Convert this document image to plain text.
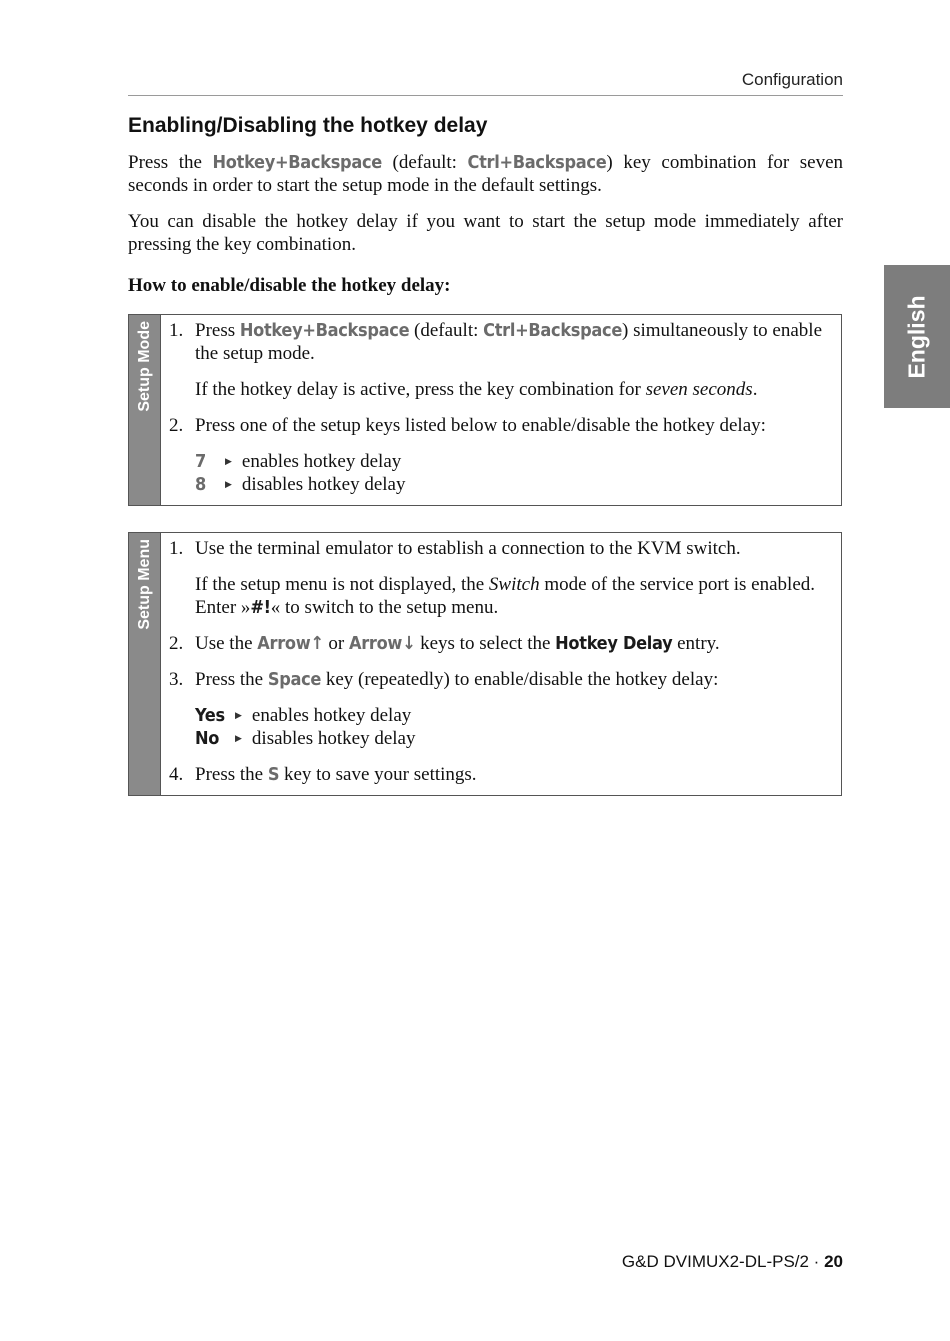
Configuration
Enabling/Disabling the hotkey delay

Press the Hotkey+Backspace (default: Ctrl+Backspace) key combination for seven seconds in order to start the setup mode in the default settings.

You can disable the hotkey delay if you want to start the setup mode immediately after pressing the key combination.

How to enable/disable the hotkey delay:
Setup Mode 1. Press Hotkey+Backspace (default: Ctrl+Backspace) simultaneously to enable the setup mode.
If the hotkey delay is active, press the key combination for seven seconds.
2. Press one of the setup keys listed below to enable/disable the hotkey delay:
7 ▶ enables hotkey delay
8 ▶ disables hotkey delay
Setup Menu 1. Use the terminal emulator to establish a connection to the KVM switch.
If the setup menu is not displayed, the Switch mode of the service port is enabled. Enter »#!« to switch to the setup menu.
2. Use the Arrow↑ or Arrow↓ keys to select the Hotkey Delay entry.
3. Press the Space key (repeatedly) to enable/disable the hotkey delay:
Yes ▶ enables hotkey delay
No ▶ disables hotkey delay
4. Press the S key to save your settings.
English
G&D DVIMUX2-DL-PS/2 · 20
